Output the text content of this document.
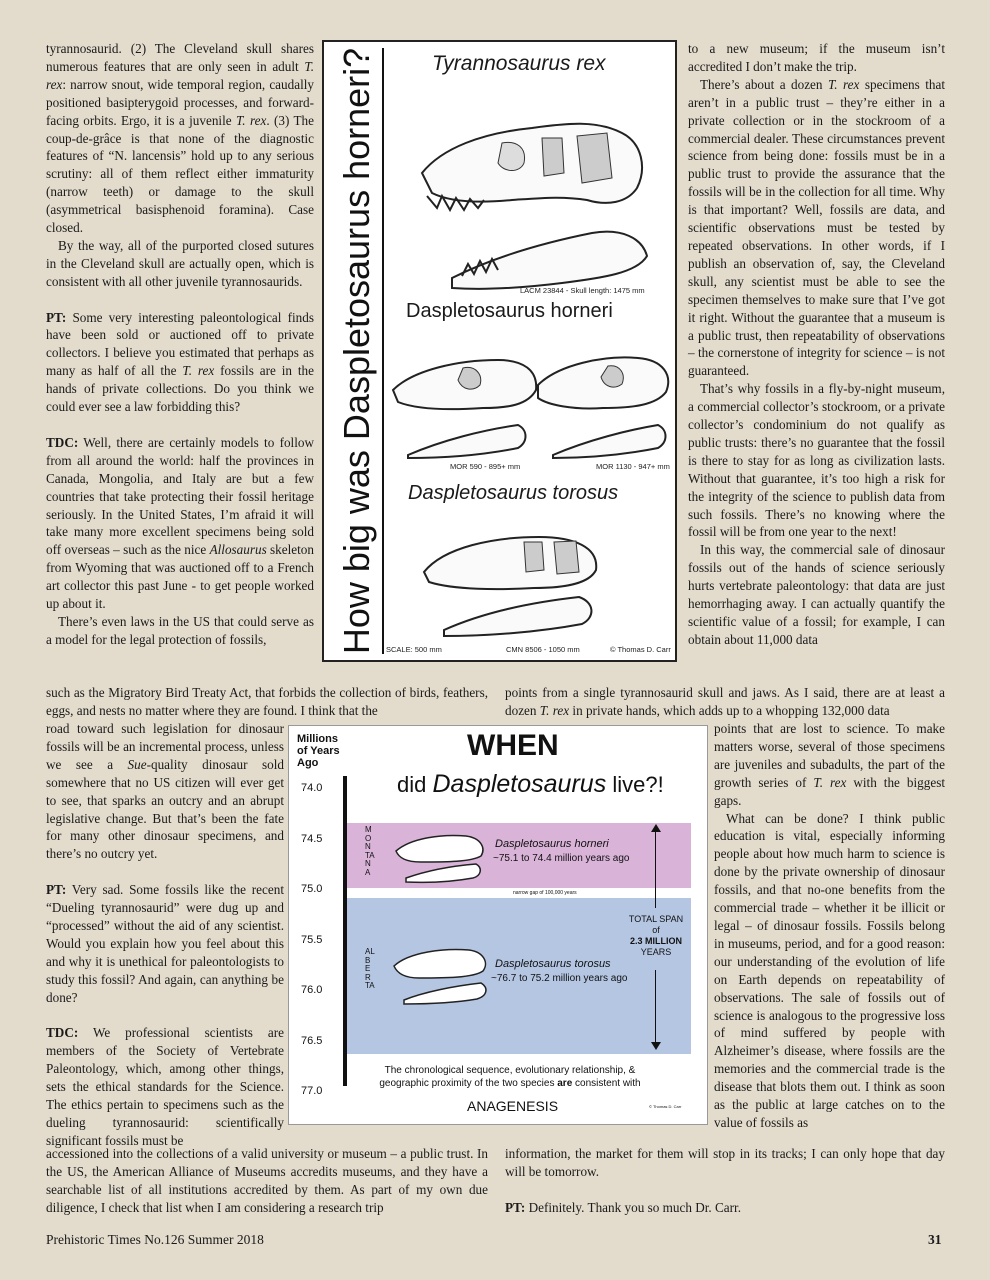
tyrannosaurid. (2) The Cleveland skull shares numerous features that are only seen in adult T. rex: narrow snout, wide temporal region, caudally positioned basipterygoid processes, and forward-facing orbits. Ergo, it is a juvenile T. rex. (3) The coup-de-grâce is that none of the diagnostic features of “N. lancensis” hold up to any serious scrutiny: all of them reflect either immaturity (narrow teeth) or damage to the skull (asymmetrical basisphenoid foramina). Case closed.

By the way, all of the purported closed sutures in the Cleveland skull are actually open, which is consistent with all other juvenile tyrannosaurids.

PT: Some very interesting paleontological finds have been sold or auctioned off to private collectors. I believe you estimated that perhaps as many as half of all the T. rex fossils are in the hands of private collections. Do you think we could ever see a law forbidding this?

TDC: Well, there are certainly models to follow from all around the world: half the provinces in Canada, Mongolia, and Italy are but a few countries that take protecting their fossil heritage seriously. In the United States, I’m afraid it will take many more excellent specimens being sold off overseas – such as the nice Allosaurus skeleton from Wyoming that was auctioned off to a French art collector this past June - to get people worked up about it.

There’s even laws in the US that could serve as a model for the legal protection of fossils,

such as the Migratory Bird Treaty Act, that forbids the collection of birds, feathers, eggs, and nests no matter where they are found. I think that the

road toward such legislation for dinosaur fossils will be an incremental process, unless we see a Sue-quality dinosaur sold somewhere that no US citizen will ever get to see, that sparks an outcry and an abrupt legislative change. But that’s been the fate for many other dinosaur specimens, and there’s no outcry yet.

PT: Very sad. Some fossils like the recent “Dueling tyrannosaurid” were dug up and “processed” without the aid of any scientist. Would you explain how you feel about this and why it is unethical for paleontologists to study this fossil? And again, can anything be done?

TDC: We professional scientists are members of the Society of Vertebrate Paleontology, which, among other things, sets the ethical standards for the Science. The ethics pertain to specimens such as the dueling tyrannosaurid: scientifically significant fossils must be

accessioned into the collections of a valid university or museum – a public trust. In the US, the American Alliance of Museums accredits museums, and they have a searchable list of all institutions accredited by them. As part of my own due diligence, I check that list when I am considering a research trip

to a new museum; if the museum isn’t accredited I don’t make the trip.

There’s about a dozen T. rex specimens that aren’t in a public trust – they’re either in a private collection or in the stockroom of a commercial dealer. These circumstances prevent science from being done: fossils must be in a public trust to provide the assurance that the fossils will be in the collection for all time. Why is that important? Well, fossils are data, and scientific observations must be tested by repeated observations. In other words, if I publish an observation of, say, the Cleveland skull, any scientist must be able to see the specimen themselves to make sure that I’ve got it right. Without the guarantee that a museum is a public trust, then repeatability of observations – the cornerstone of integrity for science – is not guaranteed.

That’s why fossils in a fly-by-night museum, a commercial collector’s stockroom, or a private collector’s condominium do not qualify as public trusts: there’s no guarantee that the fossil is there to stay for as long as civilization lasts. Without that guarantee, it’s too high a risk for the integrity of the science to publish data from such fossils. There’s no knowing where the fossil will be from one year to the next!

In this way, the commercial sale of dinosaur fossils out of the hands of science seriously hurts vertebrate paleontology: that data are just hemorrhaging away. I can actually quantify the scientific value of a fossil; for example, I can obtain about 11,000 data

points from a single tyrannosaurid skull and jaws. As I said, there are at least a dozen T. rex in private hands, which adds up to a whopping 132,000 data

points that are lost to science. To make matters worse, several of those specimens are juveniles and subadults, the part of the growth series of T. rex with the biggest gaps.

What can be done? I think public education is vital, especially informing people about how much harm to science is done by the private ownership of dinosaur fossils, and that no-one benefits from the commercial trade – whether it be illicit or legal – of dinosaur fossils. Fossils belong in museums, period, and for a good reason: our understanding of the evolution of life on Earth depends on repeatability of observations. The sale of fossils out of science is analogous to the progressive loss of mind suffered by people with Alzheimer’s disease, where fossils are the memories and the commercial trade is the disease that blots them out. I think as soon as the public at large catches on to the value of fossils as

information, the market for them will stop in its tracks; I can only hope that day will be tomorrow.
PT: Definitely. Thank you so much Dr. Carr.
How big was Daspletosaurus horneri?	Tyrannosaurus rex
LACM 23844 - Skull length: 1475 mm
Daspletosaurus horneri
MOR 590 - 895+ mm	MOR 1130 - 947+ mm
Daspletosaurus torosus
SCALE: 500 mm	CMN 8506 - 1050 mm	© Thomas D. Carr
Millions of Years Ago
74.0
74.5
75.0
75.5
76.0
76.5
77.0
WHEN
did Daspletosaurus live?!
MONTANA
ALBERTA
Daspletosaurus horneri
~75.1 to 74.4 million years ago
narrow gap of 100,000 years
TOTAL SPAN
of
2.3 MILLION
YEARS
Daspletosaurus torosus
~76.7 to 75.2 million years ago
The chronological sequence, evolutionary relationship, &
geographic proximity of the two species are consistent with
ANAGENESIS	© Thomas D. Carr
Prehistoric Times No.126 Summer 2018	31
